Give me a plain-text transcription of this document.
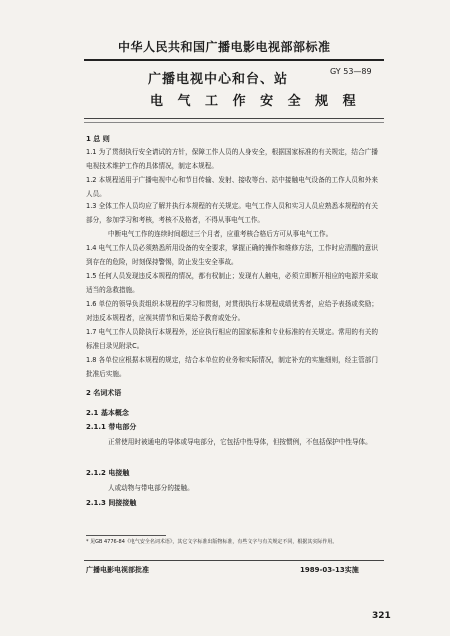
中华人民共和国广播电影电视部部标准
GY 53—89
广播电视中心和台、站
电 气 工 作 安 全 规 程
1 总 则
1.1 为了贯彻执行安全请试的方针，保障工作人员的人身安全，根据国家标准的有关规定，结合广播电视技术维护工作的具体情况，制定本规程。
1.2 本规程适用于广播电视中心和节目传输、发射、接收等台、站中接触电气设备的工作人员和外来人员。
1.3 全体工作人员均应了解并执行本规程的有关规定。电气工作人员和实习人员应熟悉本规程的有关部分，参加学习和考核，考核不及格者，不得从事电气工作。
中断电气工作的连续时间超过三个月者，应重考核合格后方可从事电气工作。
1.4 电气工作人员必须熟悉所用设备的安全要求，掌握正确的操作和维修方法，工作时应清醒的意识到存在的危险，时刻保持警惕，防止发生安全事故。
1.5 任何人员发现违反本规程的情况，都有权制止；发现有人触电，必须立即断开相应的电源并采取适当的急救措施。
1.6 单位的领导负责组织本规程的学习和贯彻，对贯彻执行本规程成绩优秀者，应给予表扬或奖励；对违反本规程者，应视其情节和后果给予教育或处分。
1.7 电气工作人员除执行本规程外，还应执行相应的国家标准和专业标准的有关规定。常用的有关的标准目录见附录C。
1.8 各单位应根据本规程的规定，结合本单位的业务和实际情况，制定补充的实施细则，经主管部门批准后实施。
2 名词术语
2.1 基本概念
2.1.1 带电部分
正常使用时被通电的导体或导电部分，它包括中性导体，但按惯例，不包括保护中性导体。
2.1.2 电接触
人或动物与带电部分的接触。
2.1.3 间接接触
* 见GB 4776-84《电气安全名词术语》，其它文字标准出版物标准，有些文字与有关规定不同，根据其实际作用。
广播电影电视部批准	1989-03-13实施
321
